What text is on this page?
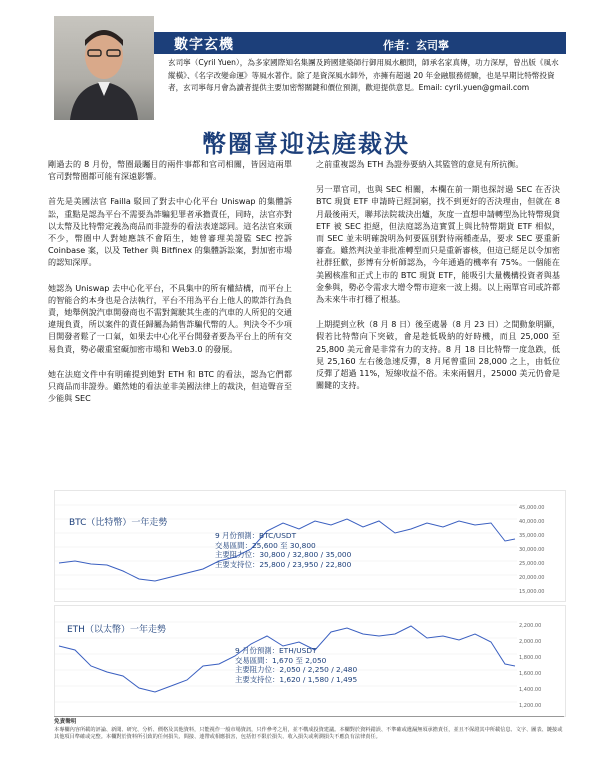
數字玄機	作者：玄司寧
玄司寧（Cyril Yuen），為多家國際知名集團及跨國建築師行御用風水顧問，師承名家真傳，功力深厚，曾出版《風水縱橫》、《名字改變命運》等風水著作。除了是資深風水師外，亦擁有超過 20 年金融服務經驗，也是早期比特幣投資者，玄司寧每月會為讀者提供主要加密幣關鍵和價位預測，歡迎提供意見。Email: cyril.yuen@gmail.com
幣圈喜迎法庭裁決

剛過去的 8 月份，幣圈最矚目的兩件事都和官司相關，皆因這兩單官司對幣圈都可能有深遠影響。

首先是美國法官 Failla 駁回了對去中心化平台 Uniswap 的集體訴訟，重點是認為平台不需要為詐騙犯罪者承擔責任，同時，法官亦對以太幣及比特幣定義為商品而非證券的看法表達認同。這名法官來頭不少，幣圈中人對她應該不會陌生，她曾審理美證監 SEC 控訴 Coinbase 案，以及 Tether 與 Bitfinex 的集體訴訟案，對加密市場的認知深厚。

她認為 Uniswap 去中心化平台，不具集中的所有權結構，而平台上的智能合約本身也是合法執行，平台不用為平台上他人的欺詐行為負責，她舉例說汽車開發商也不需對駕駛其生產的汽車的人所犯的交通違規負責，所以案件的責任歸屬為銷售詐騙代幣的人。判決令不少項目開發者鬆了一口氣，如果去中心化平台開發者要為平台上的所有交易負責，勢必嚴重窒礙加密市場和 Web3.0 的發展。

她在法庭文件中有明確提到她對 ETH 和 BTC 的看法，認為它們都只商品而非證券。雖然她的看法並非美國法律上的裁決，但這聲音至少能與 SEC

之前重複認為 ETH 為證券要納入其監管的意見有所抗衡。

另一單官司，也與 SEC 相關，本欄在前一期也探討過 SEC 在否決 BTC 現貨 ETF 申請時已經詞窮，找不到更好的否決理由，但就在 8 月最後兩天，聯邦法院裁決出爐，灰度一直想申請轉型為比特幣現貨 ETF 被 SEC 拒絕，但法庭認為這實質上與比特幣期貨 ETF 相似，而 SEC 並未明確說明為何要區別對待兩種產品，要求 SEC 要重新審查。雖然判決並非批准轉型而只是重新審核，但這已經足以令加密社群狂歡，彭博有分析師認為，今年通過的機率有 75%。一個能在美國核准和正式上市的 BTC 現貨 ETF，能吸引大量機構投資者與基金參與，勢必令需求大增令幣市迎來一波上揚。以上兩單官司或許都為未來牛市打穩了根基。

上期提到立秋（8 月 8 日）後至處暑（8 月 23 日）之間動象明顯，假若比特幣向下突破，會是趁低吸納的好時機，而且 25,000 至 25,800 美元會是非常有力的支持。8 月 18 日比特幣一度急跌，低見 25,160 左右後急速反彈，8 月尾曾重回 28,000 之上，由低位反彈了超過 11%，短線收益不俗。未來兩個月，25000 美元仍會是關鍵的支持。

45,000.00
40,000.00
35,000.00
30,000.00
25,000.00
20,000.00
15,000.00
BTC（比特幣）一年走勢
9 月份預測：BTC/USDT
交易區間：25,600 至 30,800
主要阻力位：30,800 / 32,800 / 35,000
主要支持位：25,800 / 23,950 / 22,800
2,200.00
2,000.00
1,800.00
1,600.00
1,400.00
1,200.00
ETH（以太幣）一年走勢
9 月份預測：ETH/USDT
交易區間：1,670 至 2,050
主要阻力位：2,050 / 2,250 / 2,480
主要支持位：1,620 / 1,580 / 1,495
免責聲明
本專欄內容所載的評論、新聞、研究、分析、價格及其他資料，只能視作一般市場資訊，只作參考之用，並不構成投資建議。本欄對於資料錯誤、不準確或遺漏無須承擔責任，並且不保證其中所載信息、文字、圖表、鏈接或其他項目準確或完整。本欄對於資料所引致的任何損失、間接、連帶或相應損害，包括但不限於損失、收入損失或利潤損失不應負有法律責任。
